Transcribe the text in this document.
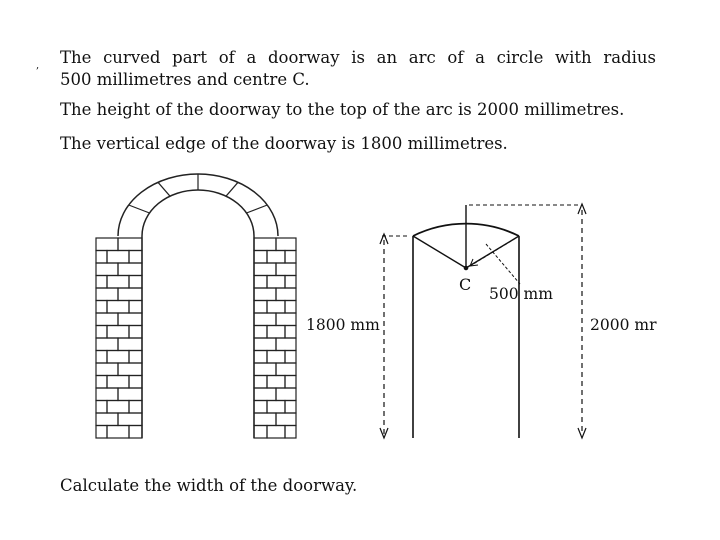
, The curved part of a doorway is an arc of a circle with radius

500 millimetres and centre C.

The height of the doorway to the top of the arc is 2000 millimetres.

The vertical edge of the doorway is 1800 millimetres.

1800 mm
C 500 mm
2000 mr

Calculate the width of the doorway.
